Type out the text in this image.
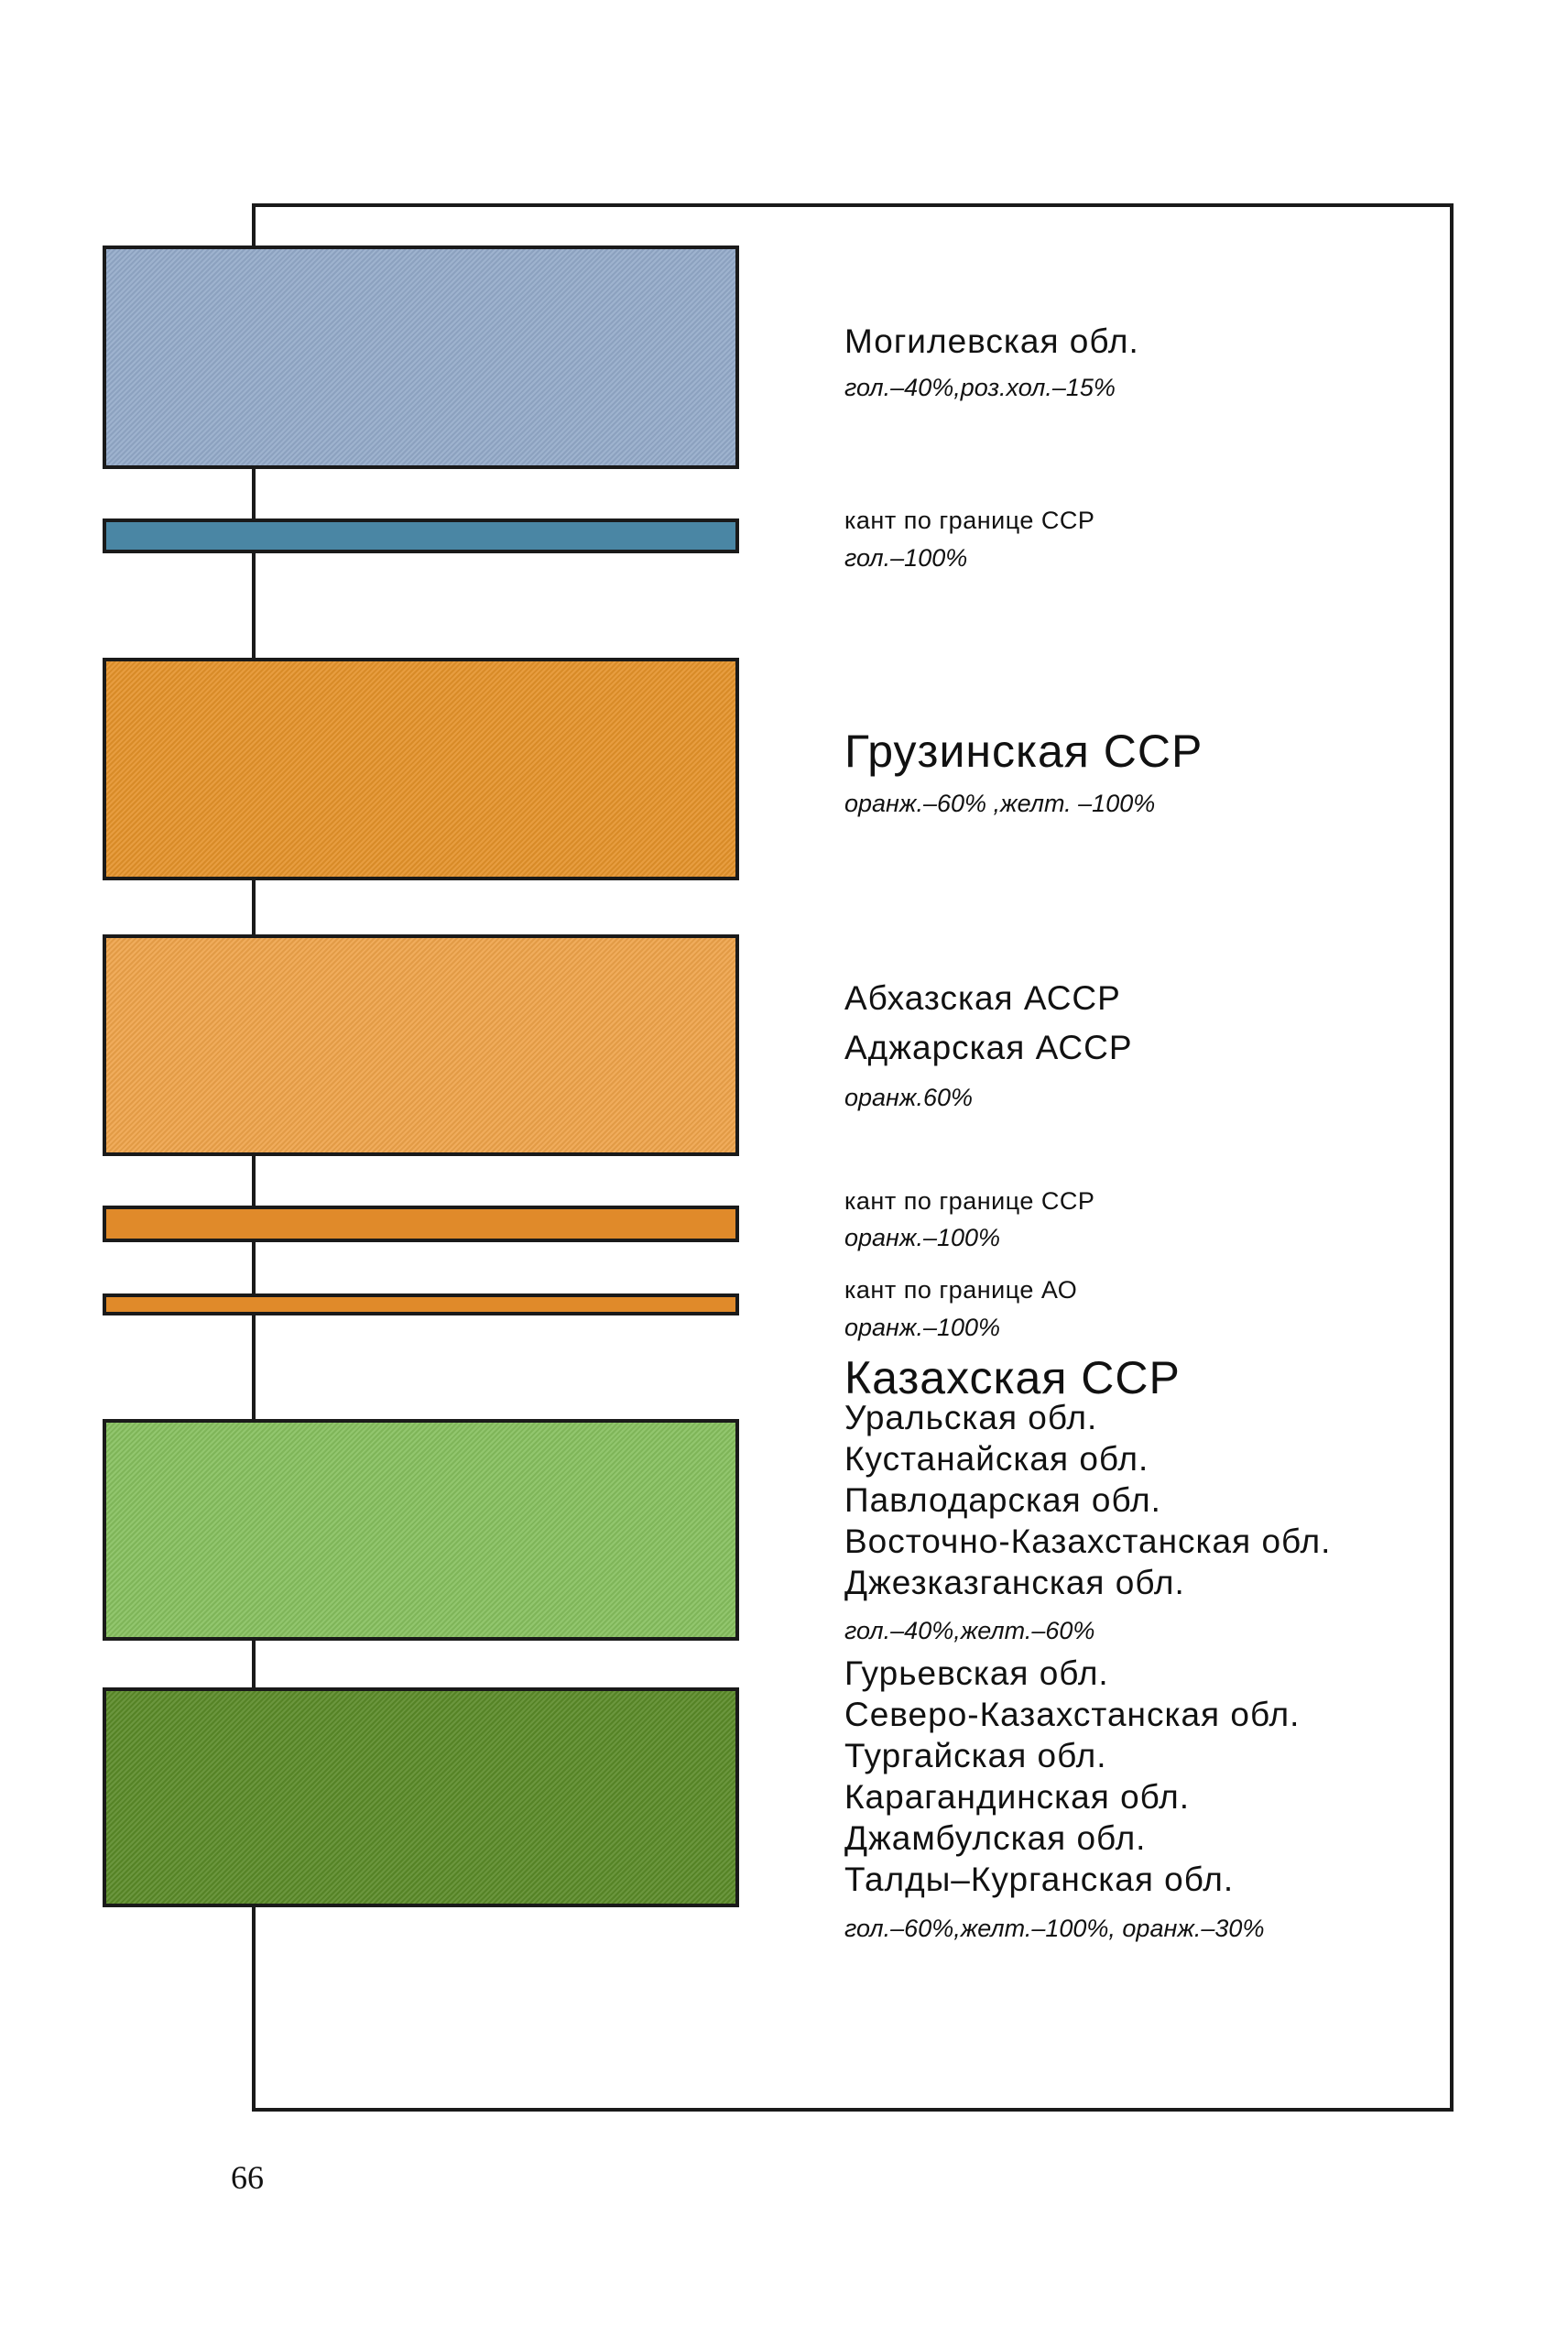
Могилевская обл.
гол.–40%,роз.хол.–15%
кант по границе ССР
гол.–100%
Грузинская ССР
оранж.–60% ,желт. –100%
Абхазская АССР
Аджарская АССР
оранж.60%
кант по границе ССР
оранж.–100%
кант по границе АО
оранж.–100%
Казахская ССР
Уральская обл.
Кустанайская обл.
Павлодарская обл.
Восточно-Казахстанская обл.
Джезказганская обл.
гол.–40%,желт.–60%
Гурьевская обл.
Северо-Казахстанская обл.
Тургайская обл.
Карагандинская обл.
Джамбулская обл.
Талды–Курганская обл.
гол.–60%,желт.–100%, оранж.–30%
66
